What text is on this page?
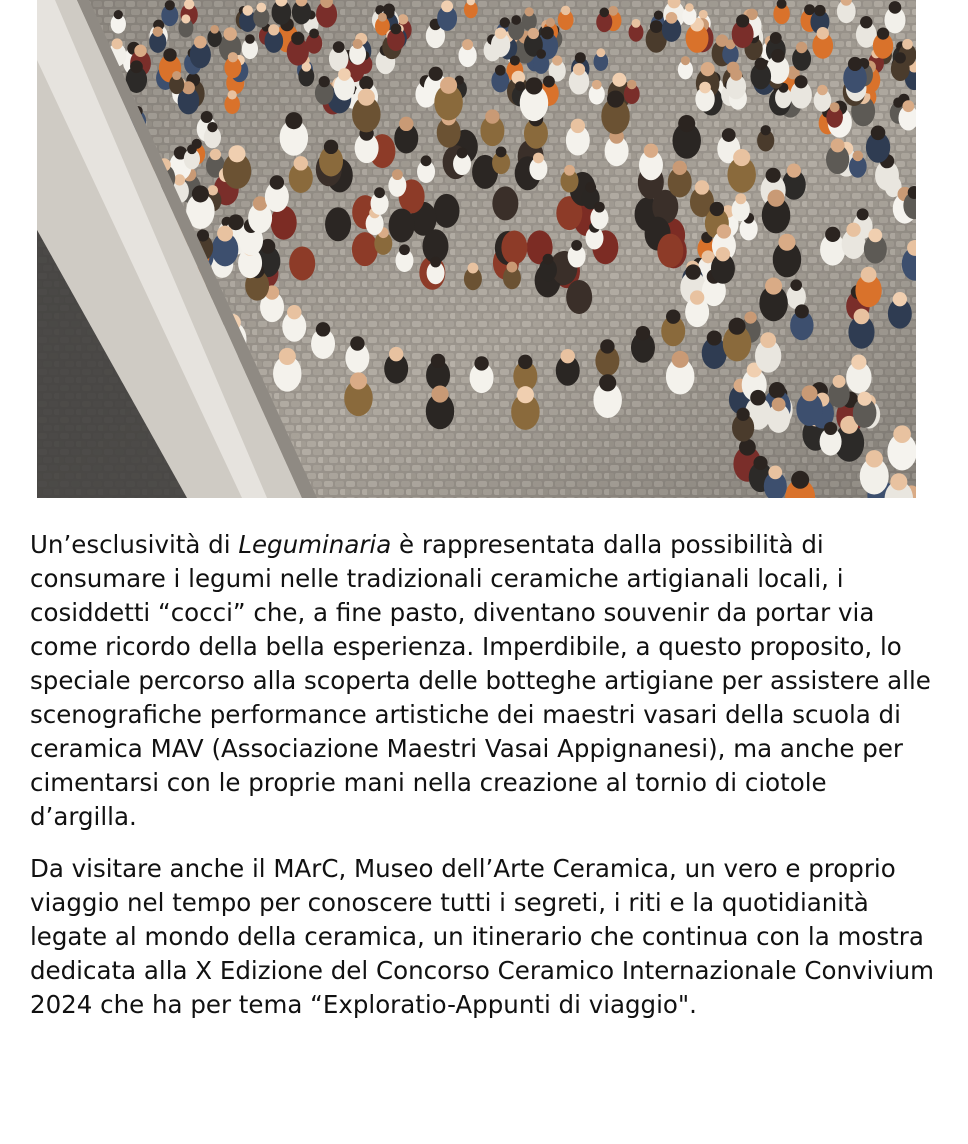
Un’esclusività di Leguminaria è rappresentata dalla possibilità di consumare i legumi nelle tradizionali ceramiche artigianali locali, i cosiddetti “cocci” che, a fine pasto, diventano souvenir da portar via come ricordo della bella esperienza. Imperdibile, a questo proposito, lo speciale percorso alla scoperta delle botteghe artigiane per assistere alle scenografiche performance artistiche dei maestri vasari della scuola di ceramica MAV (Associazione Maestri Vasai Appignanesi), ma anche per cimentarsi con le proprie mani nella creazione al tornio di ciotole d’argilla.

Da visitare anche il MArC, Museo dell’Arte Ceramica, un vero e proprio viaggio nel tempo per conoscere tutti i segreti, i riti e la quotidianità legate al mondo della ceramica, un itinerario che continua con la mostra dedicata alla X Edizione del Concorso Ceramico Internazionale Convivium 2024 che ha per tema “Exploratio-Appunti di viaggio".
